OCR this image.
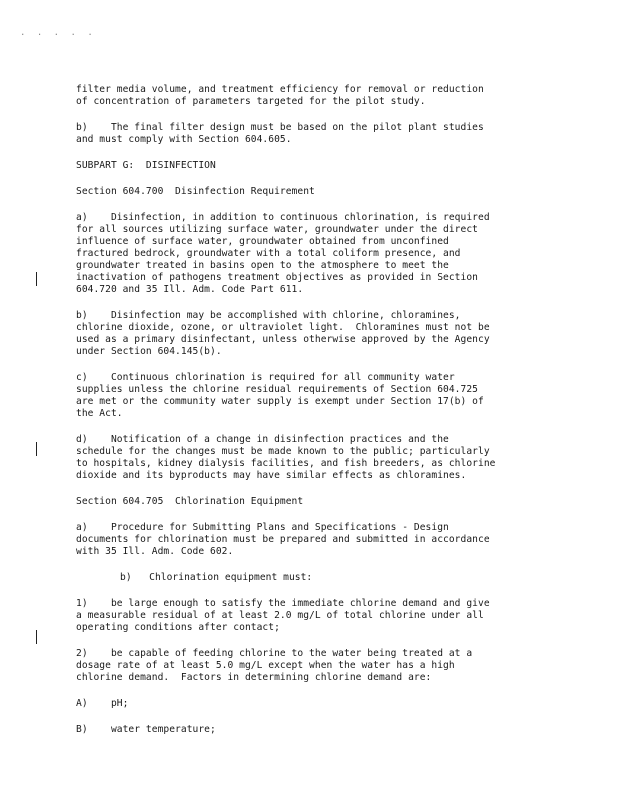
. . . . .

filter media volume, and treatment efficiency for removal or reduction

of concentration of parameters targeted for the pilot study.

b)    The final filter design must be based on the pilot plant studies

and must comply with Section 604.605.

SUBPART G:  DISINFECTION

Section 604.700  Disinfection Requirement

a)    Disinfection, in addition to continuous chlorination, is required

for all sources utilizing surface water, groundwater under the direct

influence of surface water, groundwater obtained from unconfined

fractured bedrock, groundwater with a total coliform presence, and

groundwater treated in basins open to the atmosphere to meet the

inactivation of pathogens treatment objectives as provided in Section

604.720 and 35 Ill. Adm. Code Part 611.

b)    Disinfection may be accomplished with chlorine, chloramines,

chlorine dioxide, ozone, or ultraviolet light.  Chloramines must not be

used as a primary disinfectant, unless otherwise approved by the Agency

under Section 604.145(b).

c)    Continuous chlorination is required for all community water

supplies unless the chlorine residual requirements of Section 604.725

are met or the community water supply is exempt under Section 17(b) of

the Act.

d)    Notification of a change in disinfection practices and the

schedule for the changes must be made known to the public; particularly

to hospitals, kidney dialysis facilities, and fish breeders, as chlorine

dioxide and its byproducts may have similar effects as chloramines.

Section 604.705  Chlorination Equipment

a)    Procedure for Submitting Plans and Specifications - Design

documents for chlorination must be prepared and submitted in accordance

with 35 Ill. Adm. Code 602.

b)   Chlorination equipment must:

1)    be large enough to satisfy the immediate chlorine demand and give

a measurable residual of at least 2.0 mg/L of total chlorine under all

operating conditions after contact;

2)    be capable of feeding chlorine to the water being treated at a

dosage rate of at least 5.0 mg/L except when the water has a high

chlorine demand.  Factors in determining chlorine demand are:

A)    pH;

B)    water temperature;
